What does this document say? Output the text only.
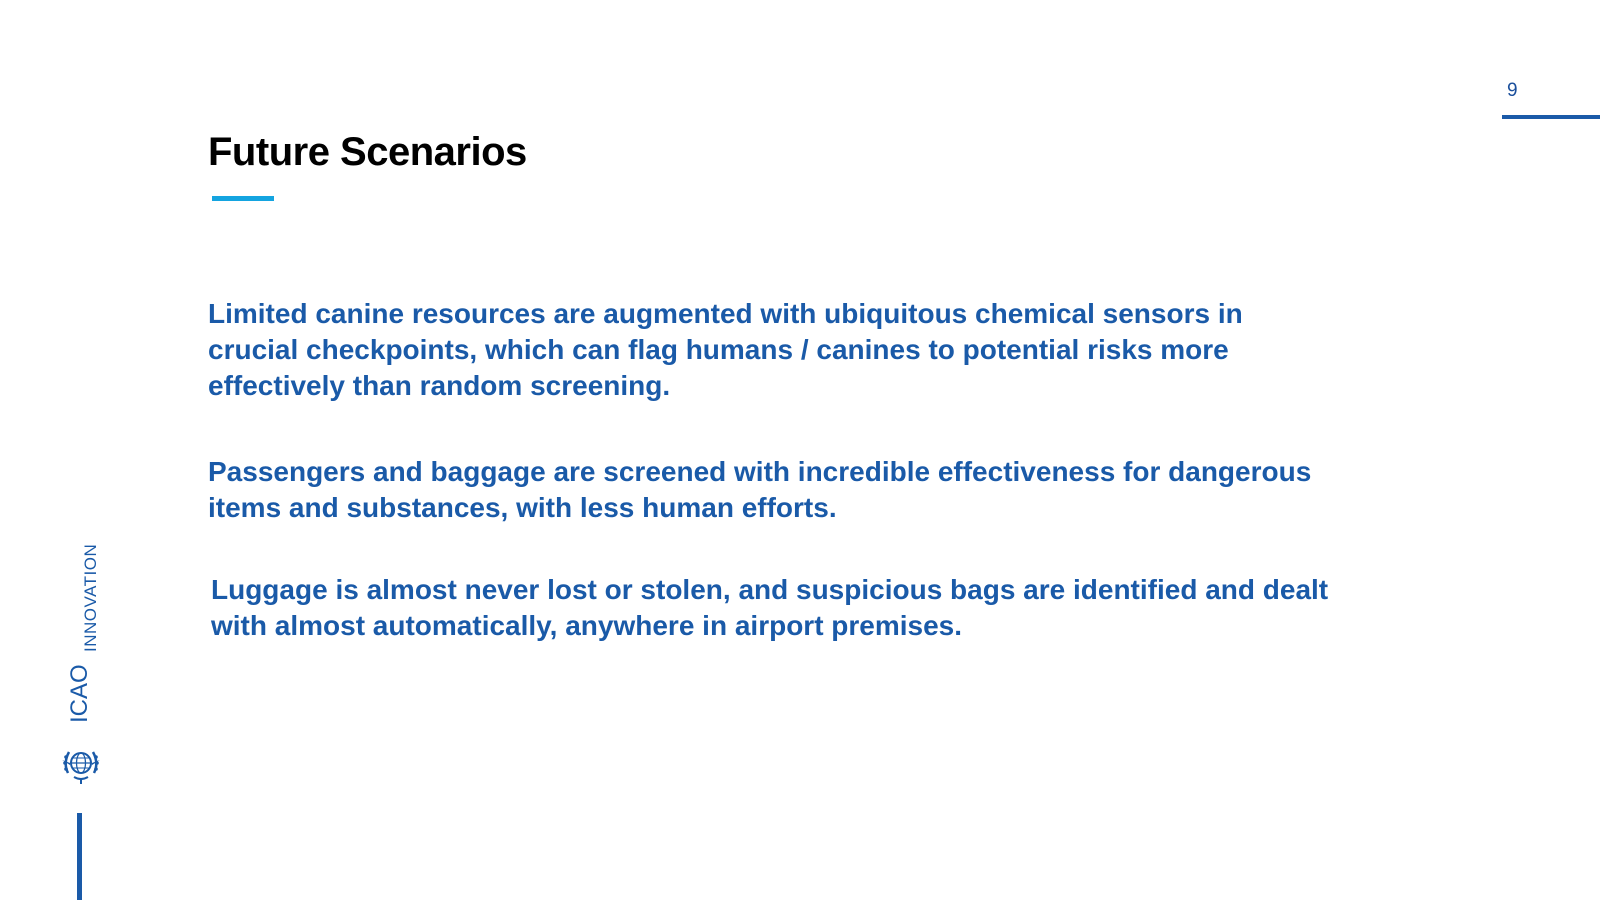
9
Future Scenarios

Limited canine resources are augmented with ubiquitous chemical sensors in crucial checkpoints, which can flag humans / canines to potential risks more effectively than random screening.

Passengers and baggage are screened with incredible effectiveness for dangerous items and substances, with less human efforts.

Luggage is almost never lost or stolen, and suspicious bags are identified and dealt with almost automatically, anywhere in airport premises.

INNOVATION
ICAO
